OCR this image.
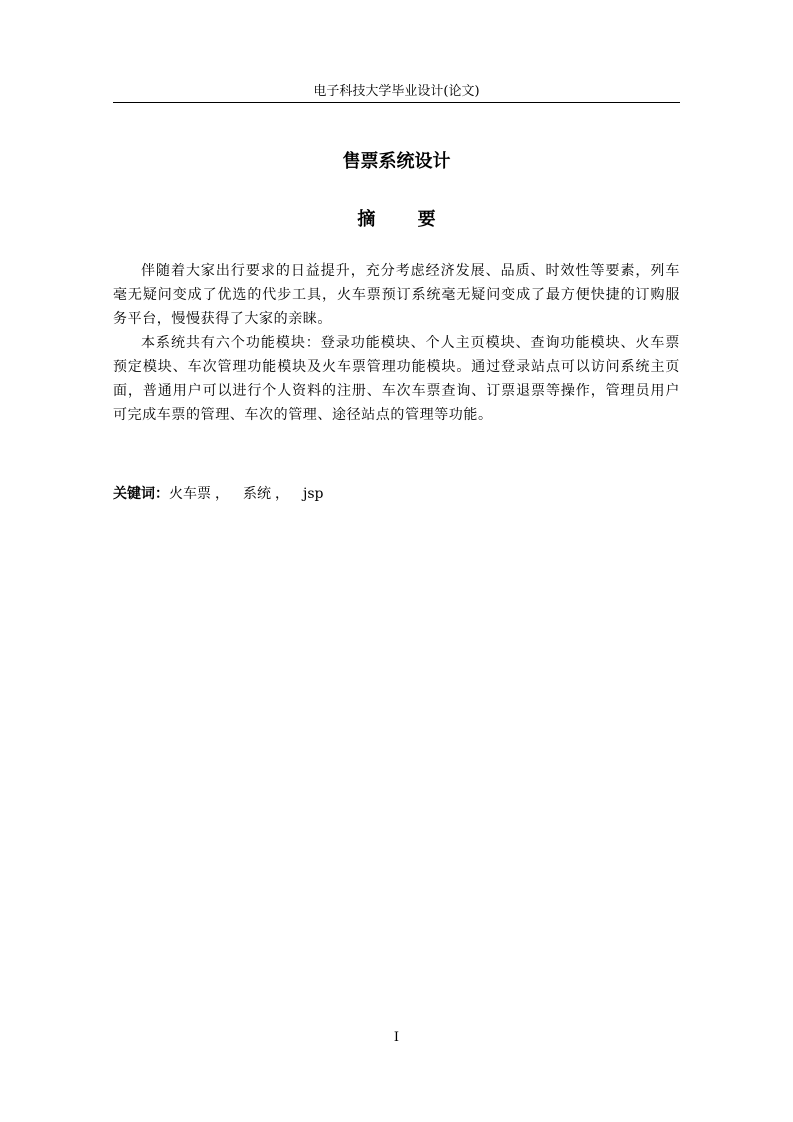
电子科技大学毕业设计(论文)
售票系统设计
摘 要

伴随着大家出行要求的日益提升，充分考虑经济发展、品质、时效性等要素，列车毫无疑问变成了优选的代步工具，火车票预订系统毫无疑问变成了最方便快捷的订购服务平台，慢慢获得了大家的亲睐。

本系统共有六个功能模块：登录功能模块、个人主页模块、查询功能模块、火车票预定模块、车次管理功能模块及火车票管理功能模块。通过登录站点可以访问系统主页面，普通用户可以进行个人资料的注册、车次车票查询、订票退票等操作，管理员用户可完成车票的管理、车次的管理、途径站点的管理等功能。

关键词：火车票 ， 系统 ， jsp
I
